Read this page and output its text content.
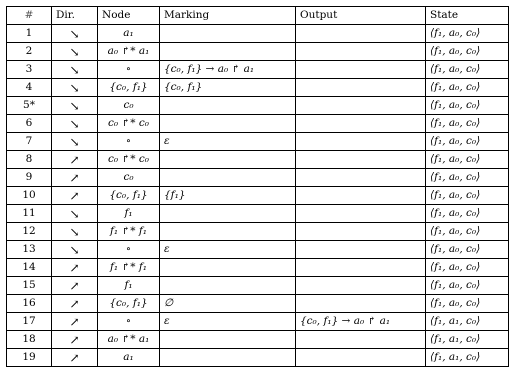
#	Dir.	Node	Marking	Output	State
1	↘	a₁			⟨f₁, a₀, c₀⟩
2	↘	a₀ ↱* a₁			⟨f₁, a₀, c₀⟩
3	↘	∘	{c₀, f₁} → a₀ ↱ a₁		⟨f₁, a₀, c₀⟩
4	↘	{c₀, f₁}	{c₀, f₁}		⟨f₁, a₀, c₀⟩
5*	↘	c₀			⟨f₁, a₀, c₀⟩
6	↘	c₀ ↱* c₀			⟨f₁, a₀, c₀⟩
7	↘	∘	ε		⟨f₁, a₀, c₀⟩
8	↗	c₀ ↱* c₀			⟨f₁, a₀, c₀⟩
9	↗	c₀			⟨f₁, a₀, c₀⟩
10	↗	{c₀, f₁}	{f₁}		⟨f₁, a₀, c₀⟩
11	↘	f₁			⟨f₁, a₀, c₀⟩
12	↘	f₁ ↱* f₁			⟨f₁, a₀, c₀⟩
13	↘	∘	ε		⟨f₁, a₀, c₀⟩
14	↗	f₁ ↱* f₁			⟨f₁, a₀, c₀⟩
15	↗	f₁			⟨f₁, a₀, c₀⟩
16	↗	{c₀, f₁}	∅		⟨f₁, a₀, c₀⟩
17	↗	∘	ε	{c₀, f₁} → a₀ ↱ a₁	⟨f₁, a₁, c₀⟩
18	↗	a₀ ↱* a₁			⟨f₁, a₁, c₀⟩
19	↗	a₁			⟨f₁, a₁, c₀⟩
